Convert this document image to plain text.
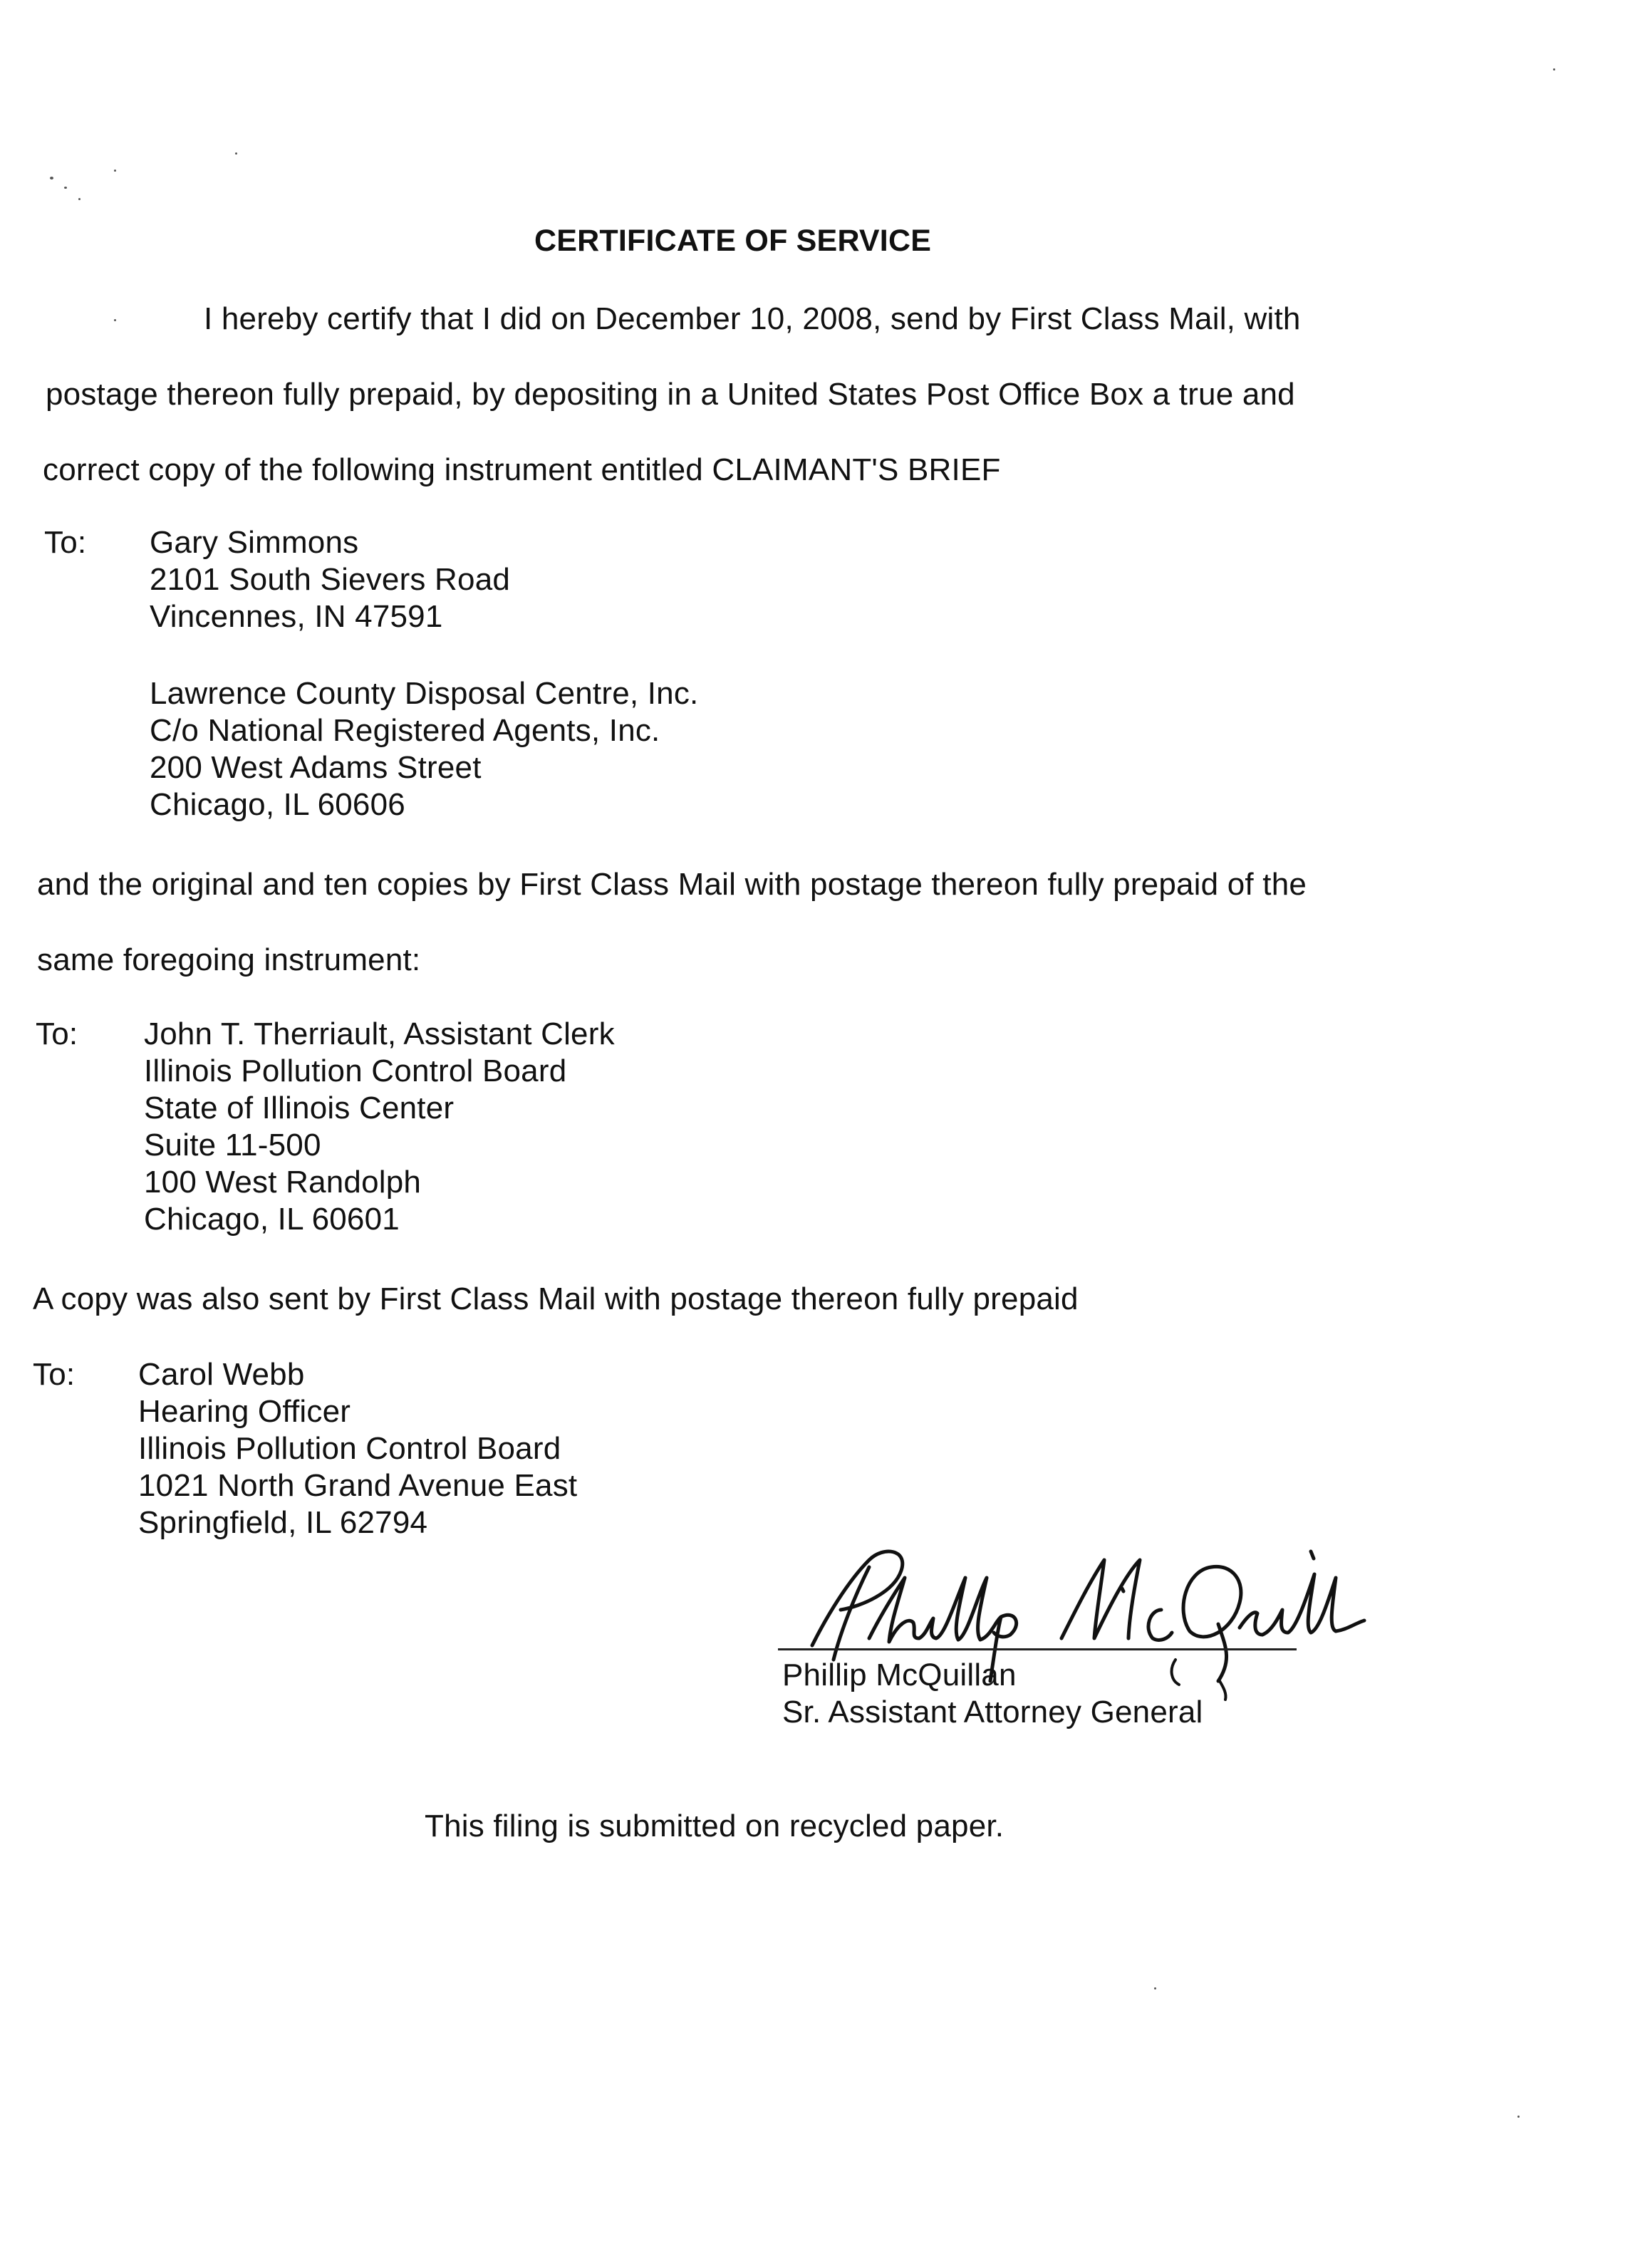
CERTIFICATE OF SERVICE
I hereby certify that I did on December 10, 2008, send by First Class Mail, with
postage thereon fully prepaid, by depositing in a United States Post Office Box a true and
correct copy of the following instrument entitled CLAIMANT'S BRIEF
To: Gary Simmons
2101 South Sievers Road
Vincennes, IN 47591
Lawrence County Disposal Centre, Inc.
C/o National Registered Agents, Inc.
200 West Adams Street
Chicago, IL 60606
and the original and ten copies by First Class Mail with postage thereon fully prepaid of the
same foregoing instrument:
To: John T. Therriault, Assistant Clerk
Illinois Pollution Control Board
State of Illinois Center
Suite 11-500
100 West Randolph
Chicago, IL 60601
A copy was also sent by First Class Mail with postage thereon fully prepaid
To: Carol Webb
Hearing Officer
Illinois Pollution Control Board
1021 North Grand Avenue East
Springfield, IL 62794
Phillip McQuillan
Sr. Assistant Attorney General
This filing is submitted on recycled paper.
